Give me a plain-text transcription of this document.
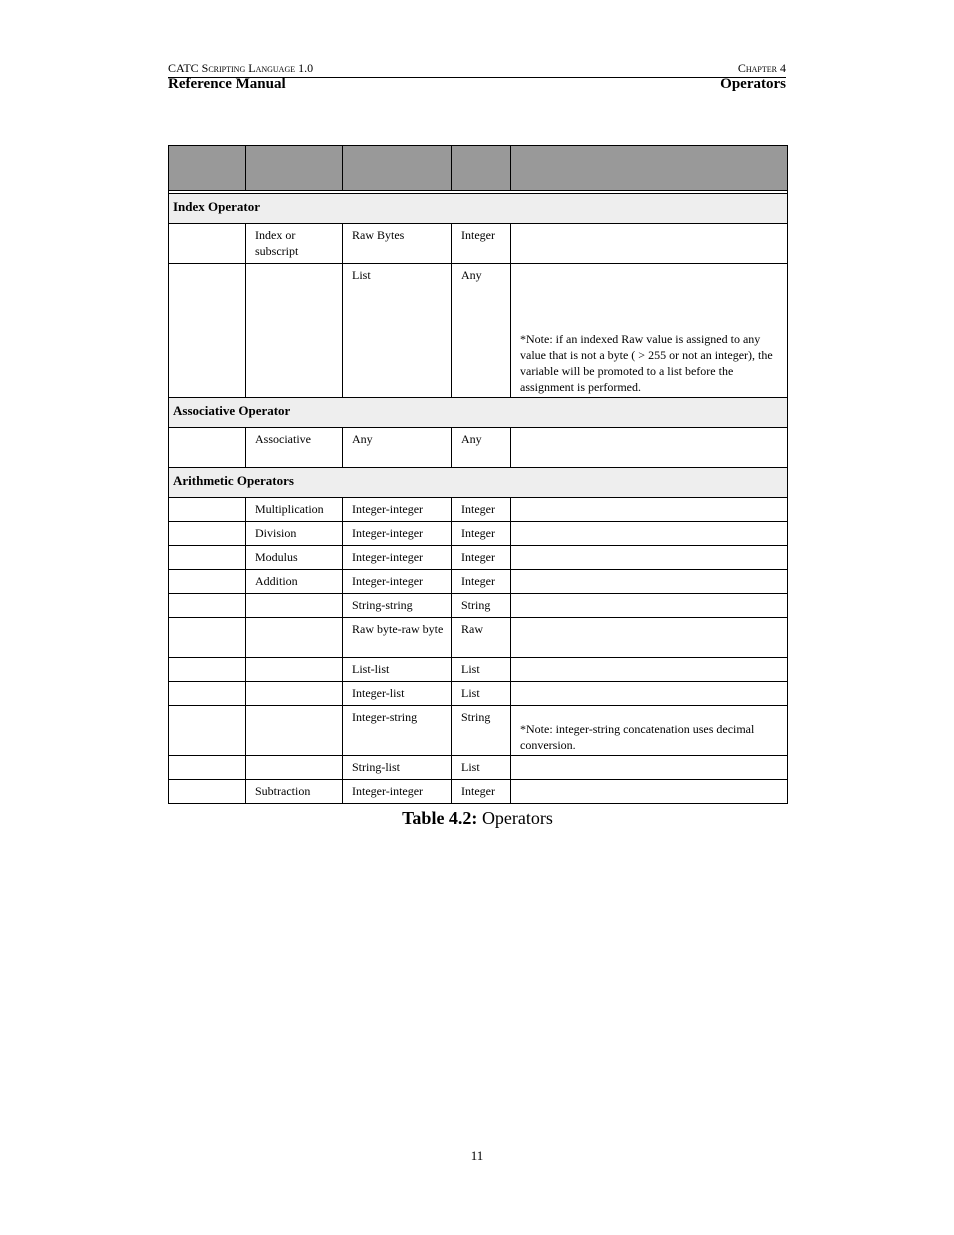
CATC Scripting Language 1.0	Chapter 4
Reference Manual	Operators

Index Operator				
	Index or subscript	Raw Bytes	Integer	
		List	Any	*Note: if an indexed Raw value is assigned to any value that is not a byte ( > 255 or not an integer), the variable will be promoted to a list before the assignment is performed.
Associative Operator				
	Associative	Any	Any	
Arithmetic Operators				
	Multiplication	Integer-integer	Integer	
	Division	Integer-integer	Integer	
	Modulus	Integer-integer	Integer	
	Addition	Integer-integer	Integer	
		String-string	String	
		Raw byte-raw byte	Raw	
		List-list	List	
		Integer-list	List	
		Integer-string	String	*Note: integer-string concatenation uses decimal conversion.
		String-list	List	
	Subtraction	Integer-integer	Integer	
Table 4.2: Operators
11
